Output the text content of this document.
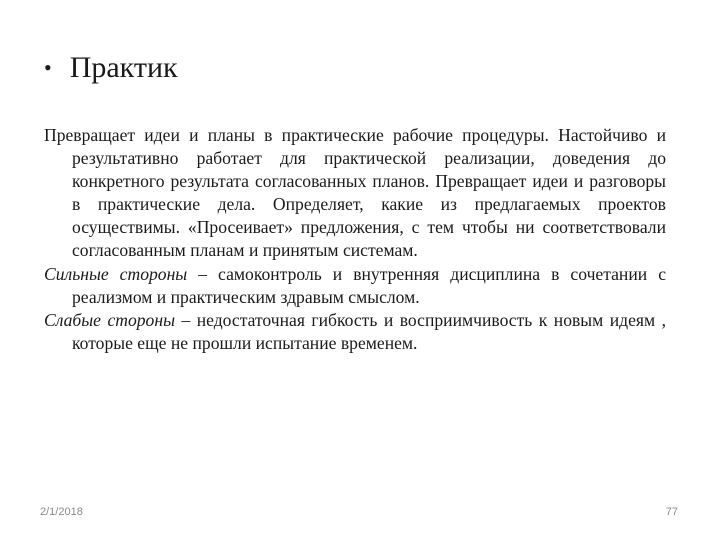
• Практик

Превращает идеи и планы в практические рабочие процедуры. Настойчиво и результативно работает для практической реализации, доведения до конкретного результата согласованных планов. Превращает идеи и разговоры в практические дела. Определяет, какие из предлагаемых проектов осуществимы. «Просеивает» предложения, с тем чтобы ни соответствовали согласованным планам и принятым системам.

Сильные стороны – самоконтроль и внутренняя дисциплина в сочетании с реализмом и практическим здравым смыслом.

Слабые стороны – недостаточная гибкость и восприимчивость к новым идеям , которые еще не прошли испытание временем.

2/1/2018	77
